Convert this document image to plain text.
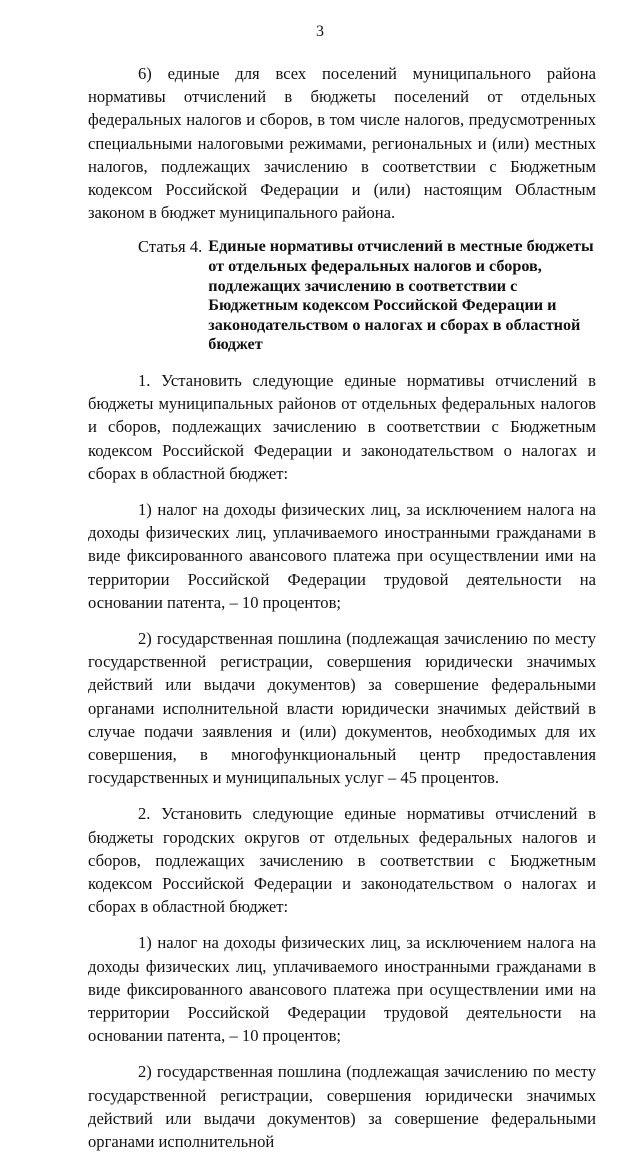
3

6) единые для всех поселений муниципального района нормативы отчислений в бюджеты поселений от отдельных федеральных налогов и сборов, в том числе налогов, предусмотренных специальными налоговыми режимами, региональных и (или) местных налогов, подлежащих зачислению в соответствии с Бюджетным кодексом Российской Федерации и (или) настоящим Областным законом в бюджет муниципального района.

Статья 4. Единые нормативы отчислений в местные бюджеты от отдельных федеральных налогов и сборов, подлежащих зачислению в соответствии с Бюджетным кодексом Российской Федерации и законодательством о налогах и сборах в областной бюджет

1. Установить следующие единые нормативы отчислений в бюджеты муниципальных районов от отдельных федеральных налогов и сборов, подлежащих зачислению в соответствии с Бюджетным кодексом Российской Федерации и законодательством о налогах и сборах в областной бюджет:

1) налог на доходы физических лиц, за исключением налога на доходы физических лиц, уплачиваемого иностранными гражданами в виде фиксированного авансового платежа при осуществлении ими на территории Российской Федерации трудовой деятельности на основании патента, – 10 процентов;

2) государственная пошлина (подлежащая зачислению по месту государственной регистрации, совершения юридически значимых действий или выдачи документов) за совершение федеральными органами исполнительной власти юридически значимых действий в случае подачи заявления и (или) документов, необходимых для их совершения, в многофункциональный центр предоставления государственных и муниципальных услуг – 45 процентов.

2. Установить следующие единые нормативы отчислений в бюджеты городских округов от отдельных федеральных налогов и сборов, подлежащих зачислению в соответствии с Бюджетным кодексом Российской Федерации и законодательством о налогах и сборах в областной бюджет:

1) налог на доходы физических лиц, за исключением налога на доходы физических лиц, уплачиваемого иностранными гражданами в виде фиксированного авансового платежа при осуществлении ими на территории Российской Федерации трудовой деятельности на основании патента, – 10 процентов;

2) государственная пошлина (подлежащая зачислению по месту государственной регистрации, совершения юридически значимых действий или выдачи документов) за совершение федеральными органами исполнительной
